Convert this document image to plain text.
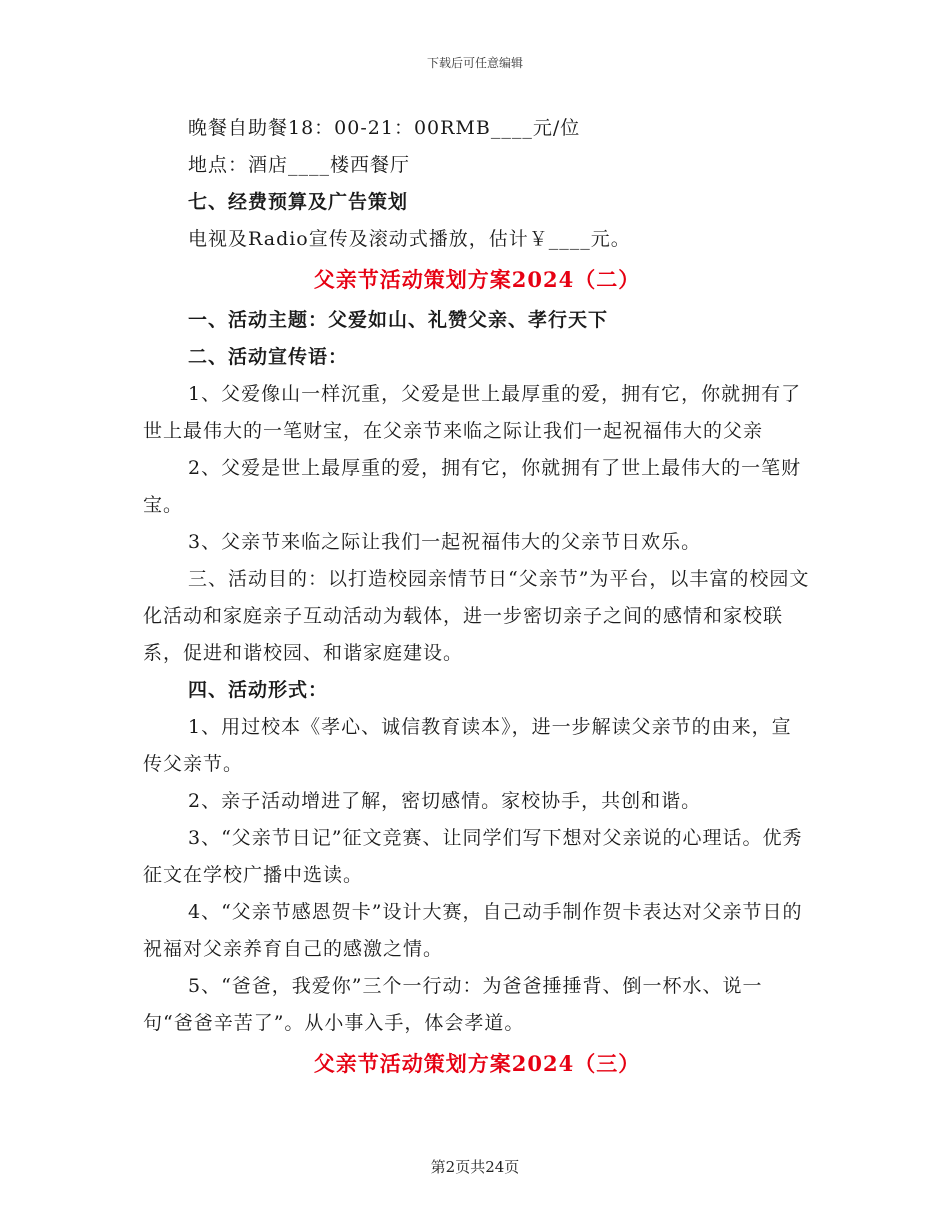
下载后可任意编辑
晚餐自助餐18：00-21：00RMB____元/位
地点：酒店____楼西餐厅
七、经费预算及广告策划
电视及Radio宣传及滚动式播放，估计￥____元。
父亲节活动策划方案2024（二）
一、活动主题：父爱如山、礼赞父亲、孝行天下
二、活动宣传语：
1、父爱像山一样沉重，父爱是世上最厚重的爱，拥有它，你就拥有了世上最伟大的一笔财宝，在父亲节来临之际让我们一起祝福伟大的父亲
2、父爱是世上最厚重的爱，拥有它，你就拥有了世上最伟大的一笔财宝。
3、父亲节来临之际让我们一起祝福伟大的父亲节日欢乐。
三、活动目的：以打造校园亲情节日“父亲节”为平台，以丰富的校园文化活动和家庭亲子互动活动为载体，进一步密切亲子之间的感情和家校联系，促进和谐校园、和谐家庭建设。
四、活动形式：
1、用过校本《孝心、诚信教育读本》，进一步解读父亲节的由来，宣传父亲节。
2、亲子活动增进了解，密切感情。家校协手，共创和谐。
3、“父亲节日记”征文竞赛、让同学们写下想对父亲说的心理话。优秀征文在学校广播中选读。
4、“父亲节感恩贺卡”设计大赛，自己动手制作贺卡表达对父亲节日的祝福对父亲养育自己的感激之情。
5、“爸爸，我爱你”三个一行动：为爸爸捶捶背、倒一杯水、说一句“爸爸辛苦了”。从小事入手，体会孝道。
父亲节活动策划方案2024（三）
第2页共24页
